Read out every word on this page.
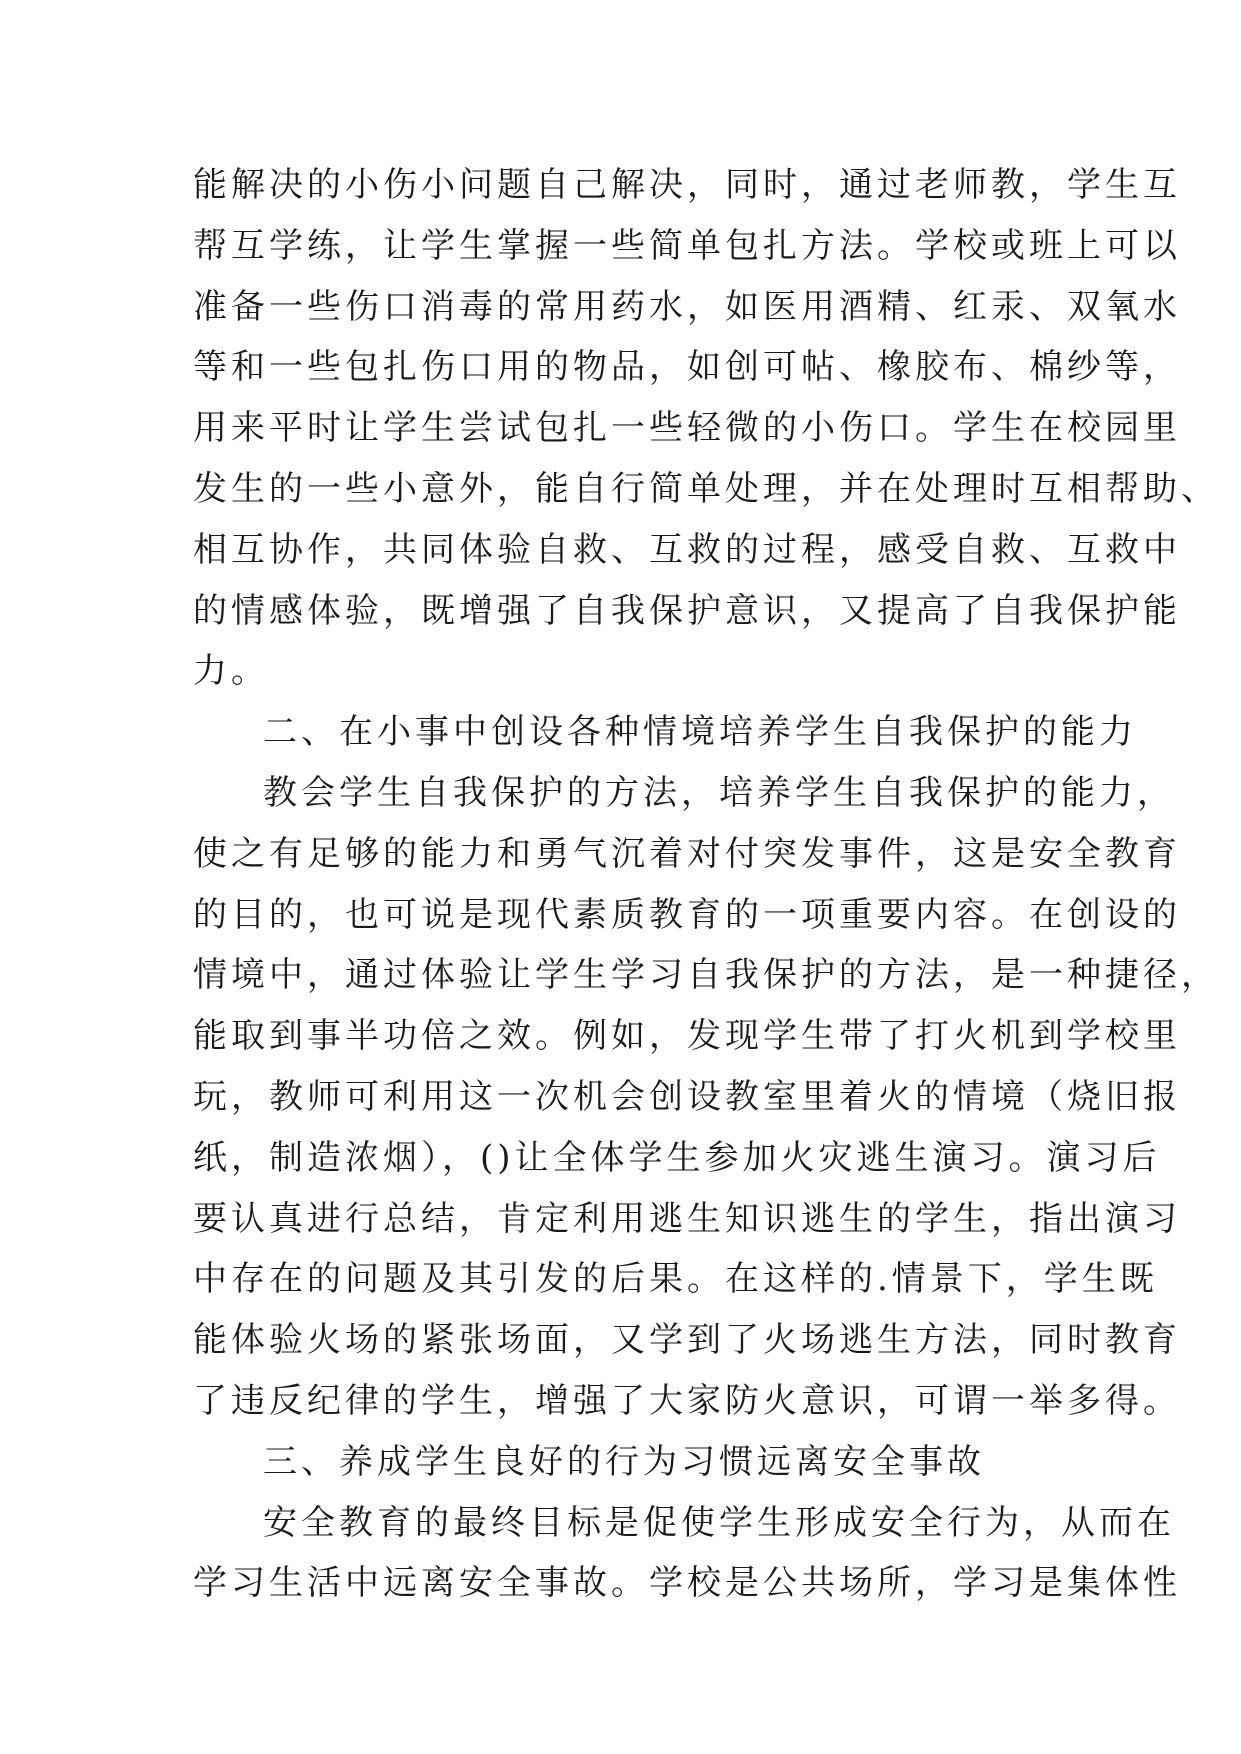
能解决的小伤小问题自己解决，同时，通过老师教，学生互
帮互学练，让学生掌握一些简单包扎方法。学校或班上可以
准备一些伤口消毒的常用药水，如医用酒精、红汞、双氧水
等和一些包扎伤口用的物品，如创可帖、橡胶布、棉纱等，
用来平时让学生尝试包扎一些轻微的小伤口。学生在校园里
发生的一些小意外，能自行简单处理，并在处理时互相帮助、
相互协作，共同体验自救、互救的过程，感受自救、互救中
的情感体验，既增强了自我保护意识，又提高了自我保护能
力。
二、在小事中创设各种情境培养学生自我保护的能力
教会学生自我保护的方法，培养学生自我保护的能力，
使之有足够的能力和勇气沉着对付突发事件，这是安全教育
的目的，也可说是现代素质教育的一项重要内容。在创设的
情境中，通过体验让学生学习自我保护的方法，是一种捷径，
能取到事半功倍之效。例如，发现学生带了打火机到学校里
玩，教师可利用这一次机会创设教室里着火的情境（烧旧报
纸，制造浓烟），()让全体学生参加火灾逃生演习。演习后
要认真进行总结，肯定利用逃生知识逃生的学生，指出演习
中存在的问题及其引发的后果。在这样的.情景下，学生既
能体验火场的紧张场面，又学到了火场逃生方法，同时教育
了违反纪律的学生，增强了大家防火意识，可谓一举多得。
三、养成学生良好的行为习惯远离安全事故
安全教育的最终目标是促使学生形成安全行为，从而在
学习生活中远离安全事故。学校是公共场所，学习是集体性
